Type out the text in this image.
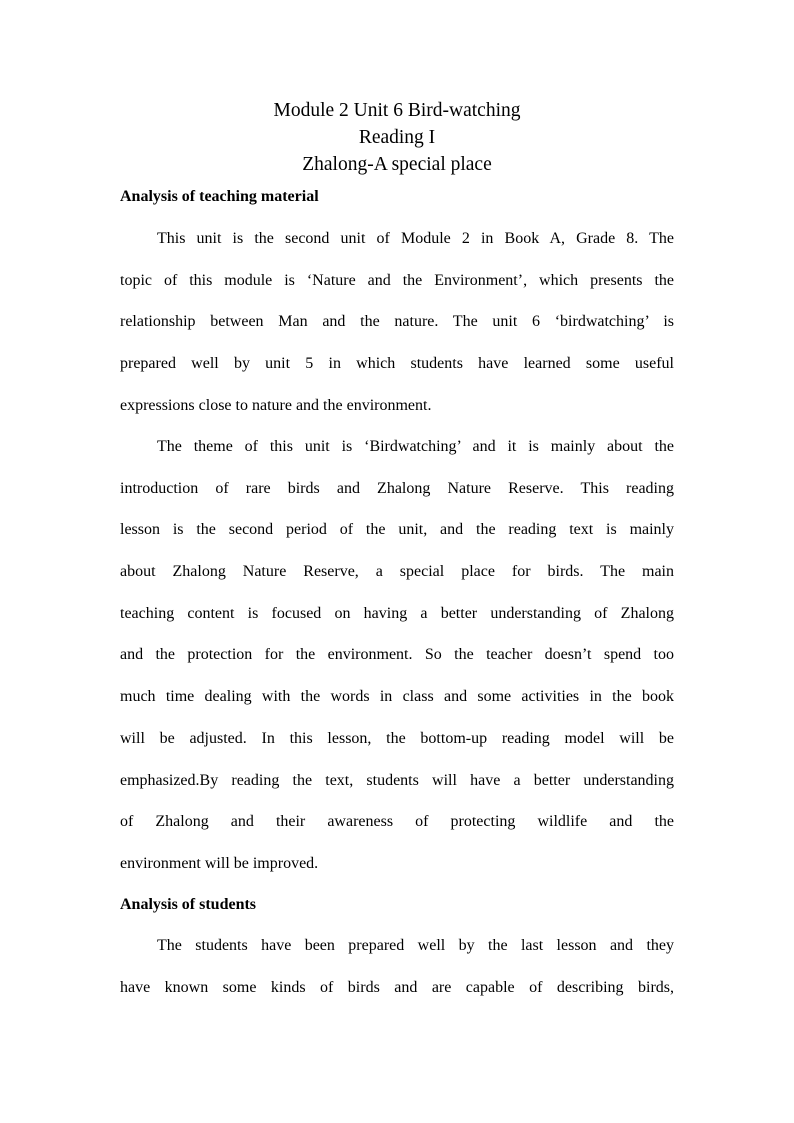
Module 2 Unit 6 Bird-watching

Reading I

Zhalong-A special place

Analysis of teaching material

This unit is the second unit of Module 2 in Book A, Grade 8. The
topic of this module is ‘Nature and the Environment’, which presents the
relationship between Man and the nature. The unit 6 ‘birdwatching’ is
prepared well by unit 5 in which students have learned some useful
expressions close to nature and the environment.
The theme of this unit is ‘Birdwatching’ and it is mainly about the
introduction of rare birds and Zhalong Nature Reserve. This reading
lesson is the second period of the unit, and the reading text is mainly
about Zhalong Nature Reserve, a special place for birds. The main
teaching content is focused on having a better understanding of Zhalong
and the protection for the environment. So the teacher doesn’t spend too
much time dealing with the words in class and some activities in the book
will be adjusted. In this lesson, the bottom-up reading model will be
emphasized.By reading the text, students will have a better understanding
of Zhalong and their awareness of protecting wildlife and the
environment will be improved.

Analysis of students

The students have been prepared well by the last lesson and they
have known some kinds of birds and are capable of describing birds,
